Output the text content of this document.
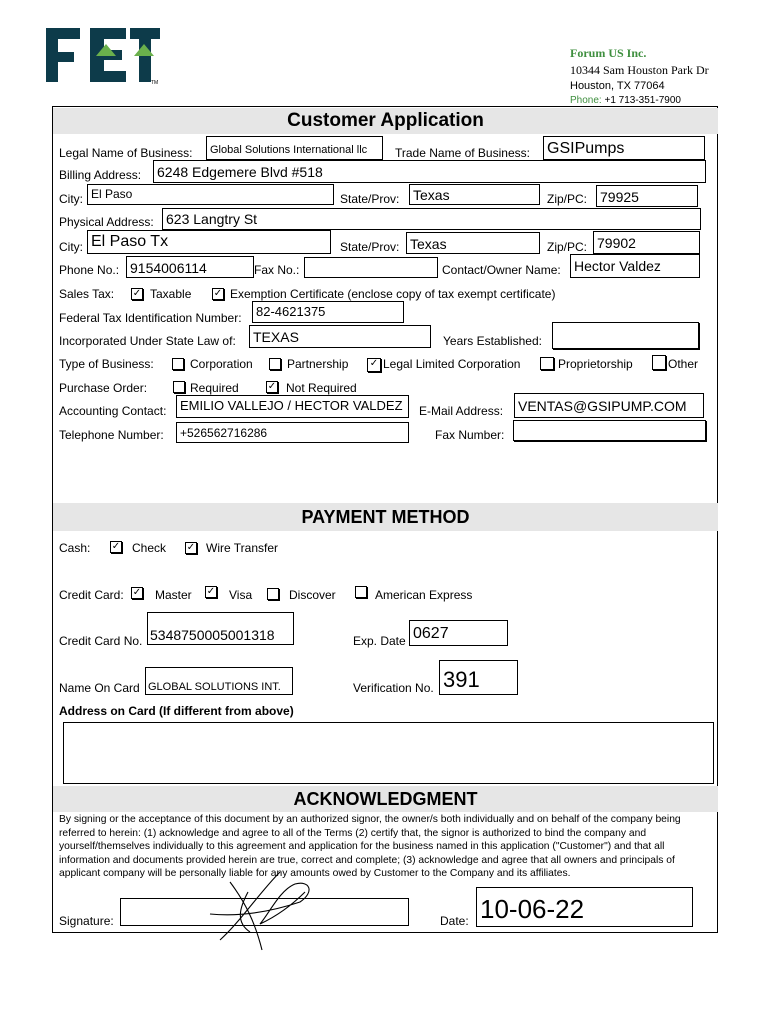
TM
Forum US Inc.
10344 Sam Houston Park Dr
Houston, TX 77064
Phone: +1 713-351-7900
Customer Application
Legal Name of Business:	Global Solutions International llc	Trade Name of Business: GSIPumps
Billing Address: 6248 Edgemere Blvd #518
City: El Paso	State/Prov: Texas	Zip/PC: 79925
Physical Address: 623 Langtry St
City: El Paso Tx	State/Prov: Texas	Zip/PC: 79902
Phone No.: 9154006114	Fax No.:	Contact/Owner Name: Hector Valdez
Sales Tax: ✓ Taxable ✓ Exemption Certificate (enclose copy of tax exempt certificate)
Federal Tax Identification Number:	82-4621375
Incorporated Under State Law of: TEXAS	Years Established:
Type of Business:	Corporation	Partnership ✓ Legal Limited Corporation	Proprietorship	Other
Purchase Order:	Required	✓ Not Required
Accounting Contact:	EMILIO VALLEJO / HECTOR VALDEZ	E-Mail Address: VENTAS@GSIPUMP.COM
Telephone Number:	+526562716286	Fax Number:
PAYMENT METHOD
Cash: ✓ Check ✓ Wire Transfer
Credit Card: ✓ Master ✓ Visa	Discover	American Express
Credit Card No. 5348750005001318	Exp. Date 0627
Name On Card GLOBAL SOLUTIONS INT.	Verification No. 391
Address on Card (If different from above)
ACKNOWLEDGMENT
By signing or the acceptance of this document by an authorized signor, the owner/s both individually and on behalf of the company being referred to herein: (1) acknowledge and agree to all of the Terms (2) certify that, the signor is authorized to bind the company and yourself/themselves individually to this agreement and application for the business named in this application ("Customer") and that all information and documents provided herein are true, correct and complete; (3) acknowledge and agree that all owners and principals of applicant company will be personally liable for any amounts owed by Customer to the Company and its affiliates.
Signature:	Date: 10-06-22
